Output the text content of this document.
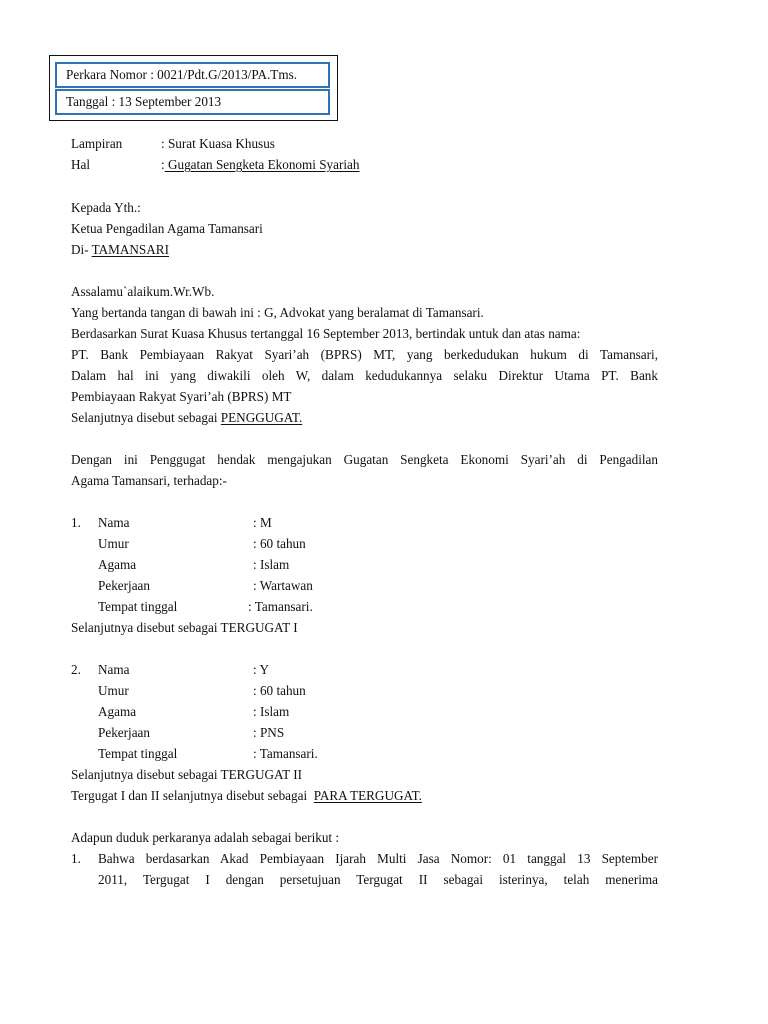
Perkara Nomor : 0021/Pdt.G/2013/PA.Tms.
Tanggal : 13 September 2013
Lampiran	: Surat Kuasa Khusus
Hal	: Gugatan Sengketa Ekonomi Syariah
Kepada Yth.:
Ketua Pengadilan Agama Tamansari
Di- TAMANSARI
Assalamu`alaikum.Wr.Wb.
Yang bertanda tangan di bawah ini : G, Advokat yang beralamat di Tamansari.
Berdasarkan Surat Kuasa Khusus tertanggal 16 September 2013, bertindak untuk dan atas nama:
PT. Bank Pembiayaan Rakyat Syari’ah (BPRS) MT, yang berkedudukan hukum di Tamansari,
Dalam hal ini yang diwakili oleh W, dalam kedudukannya selaku Direktur Utama PT. Bank
Pembiayaan Rakyat Syari’ah (BPRS) MT
Selanjutnya disebut sebagai PENGGUGAT.
Dengan ini Penggugat hendak mengajukan Gugatan Sengketa Ekonomi Syari’ah di Pengadilan
Agama Tamansari, terhadap:-
1. Nama	: M
Umur	: 60 tahun
Agama	: Islam
Pekerjaan	: Wartawan
Tempat tinggal	: Tamansari.
Selanjutnya disebut sebagai TERGUGAT I
2. Nama	: Y
Umur	: 60 tahun
Agama	: Islam
Pekerjaan	: PNS
Tempat tinggal	: Tamansari.
Selanjutnya disebut sebagai TERGUGAT II
Tergugat I dan II selanjutnya disebut sebagai  PARA TERGUGAT.
Adapun duduk perkaranya adalah sebagai berikut :
1. Bahwa berdasarkan Akad Pembiayaan Ijarah Multi Jasa Nomor: 01 tanggal 13 September
2011, Tergugat I dengan persetujuan Tergugat II sebagai isterinya, telah menerima
